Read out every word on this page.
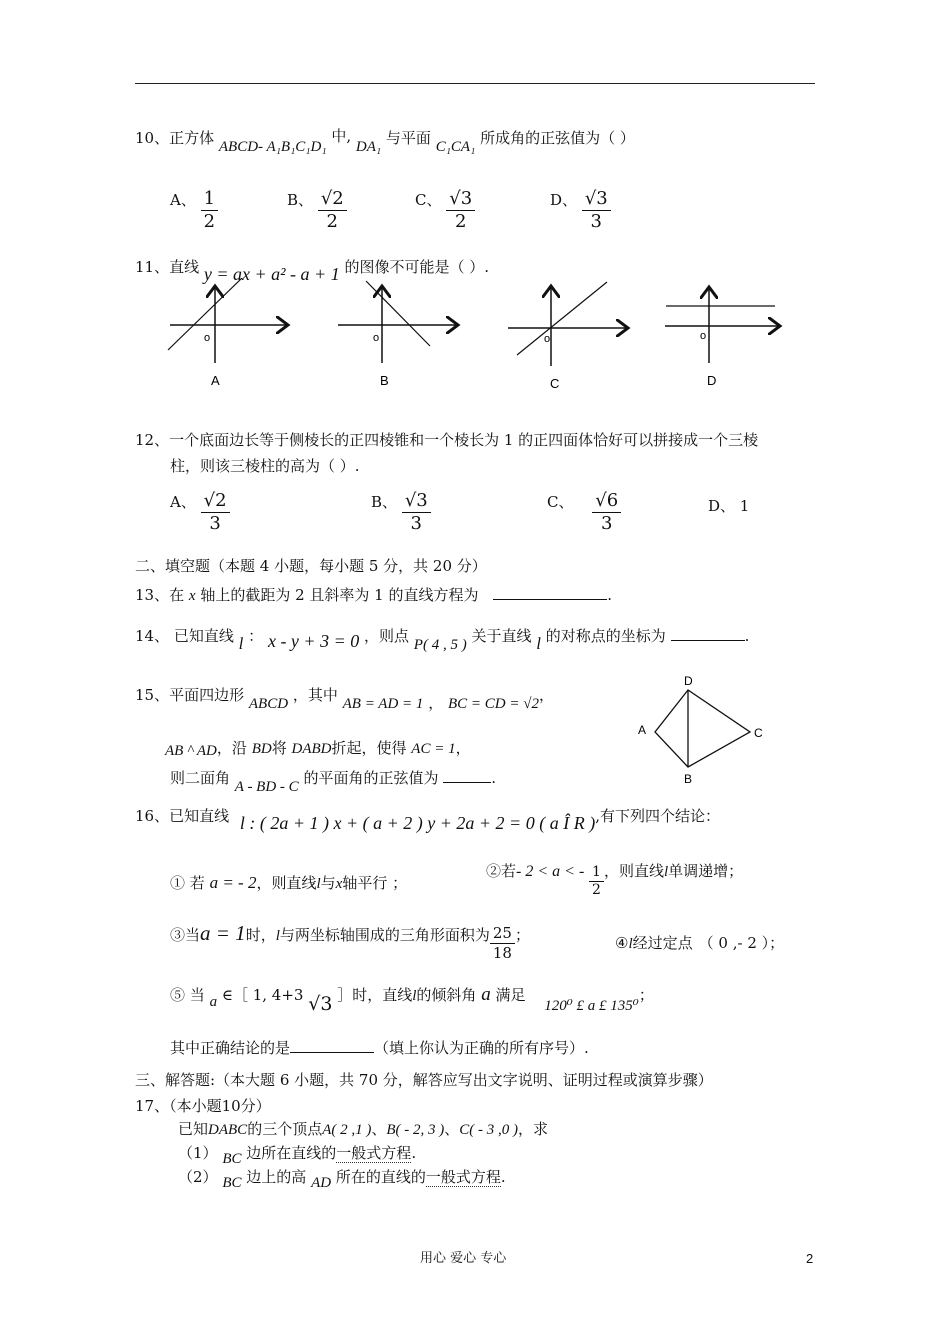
10、正方体 ABCD- A₁B₁C₁D₁ 中, DA₁ 与平面 C₁CA₁ 所成角的正弦值为（ ）
A、 $\frac{1}{2}$	B、 $\frac{√2}{2}$	C、 $\frac{√3}{2}$	D、 $\frac{√3}{3}$
11、直线 y = ax + a² - a + 1 的图像不可能是（ ）.
o
A
o
B
o
C
o
D
12、一个底面边长等于侧棱长的正四棱锥和一个棱长为 1 的正四面体恰好可以拼接成一个三棱
柱，则该三棱柱的高为（ ）.
A、 $\frac{√2}{3}$	B、 $\frac{√3}{3}$	C、 $\frac{√6}{3}$	D、 1
二、填空题（本题 4 小题，每小题 5 分，共 20 分）
13、在 x 轴上的截距为 2 且斜率为 1 的直线方程为	.
14、 已知直线 l ： x - y + 3 = 0 ，则点 P( 4 , 5 ) 关于直线 l 的对称点的坐标为	.
15、平面四边形 ABCD ，其中 AB = AD = 1 ， BC = CD = √2，
AB ^ AD，沿 BD将 DABD折起，使得 AC = 1，
则二面角 A - BD - C 的平面角的正弦值为	.
D
A	C
B
16、已知直线 l : ( 2a + 1 ) x + ( a + 2 ) y + 2a + 2 = 0 ( a Î R ),有下列四个结论：
① 若 a = - 2，则直线l与x轴平行 ；
②若- 2 < a < - $\frac{1}{2}$ ，则直线l单调递增；
③当a = 1时，l与两坐标轴围成的三角形面积为 $\frac{25}{18}$ ；	④l经过定点 （ 0 ,- 2 ）；
⑤ 当 a ∈［ 1, 4+3 √3 ］时，直线l的倾斜角 a 满足 120⁰ £ a £ 135⁰；
其中正确结论的是	（填上你认为正确的所有序号）.
三、解答题:（本大题 6 小题，共 70 分，解答应写出文字说明、证明过程或演算步骤）
17、（本小题10分）
已知DABC的三个顶点A( 2 ,1 )、B( - 2, 3 )、C( - 3 ,0 )，求
（1） BC 边所在直线的一般式方程.
（2） BC 边上的高 AD 所在的直线的一般式方程.
用心 爱心 专心	2
